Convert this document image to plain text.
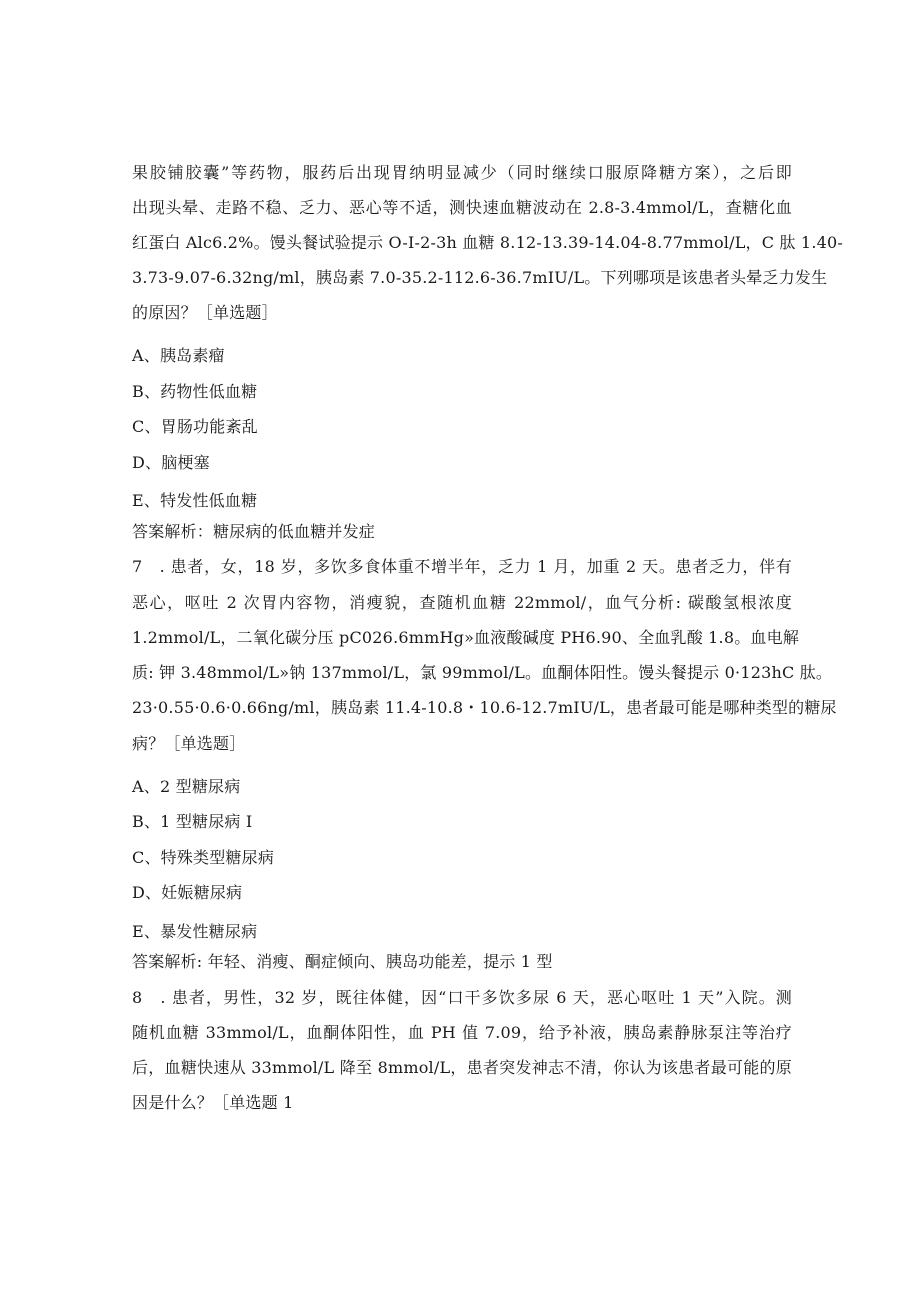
果胶铺胶囊”等药物，服药后出现胃纳明显减少（同时继续口服原降糖方案），之后即
出现头晕、走路不稳、乏力、恶心等不适，测快速血糖波动在 2.8-3.4mmol/L，查糖化血
红蛋白 Alc6.2%。馒头餐试验提示 O-I-2-3h 血糖 8.12-13.39-14.04-8.77mmol/L，C 肽 1.40-
3.73-9.07-6.32ng/ml，胰岛素 7.0-35.2-112.6-36.7mIU/L。下列哪项是该患者头晕乏力发生
的原因？［单选题］
A、胰岛素瘤
B、药物性低血糖
C、胃肠功能紊乱
D、脑梗塞
E、特发性低血糖
答案解析：糖尿病的低血糖并发症
7　. 患者，女，18 岁，多饮多食体重不增半年，乏力 1 月，加重 2 天。患者乏力，伴有
恶心，呕吐 2 次胃内容物，消瘦貌，查随机血糖 22mmol/，血气分析: 碳酸氢根浓度
1.2mmol/L，二氧化碳分压 pC026.6mmHg»血液酸碱度 PH6.90、全血乳酸 1.8。血电解
质: 钾 3.48mmol/L»钠 137mmol/L，氯 99mmol/L。血酮体阳性。馒头餐提示 0·123hC 肽。
23·0.55·0.6·0.66ng/ml，胰岛素 11.4-10.8・10.6-12.7mIU/L，患者最可能是哪种类型的糖尿
病？［单选题］
A、2 型糖尿病
B、1 型糖尿病 I
C、特殊类型糖尿病
D、妊娠糖尿病
E、暴发性糖尿病
答案解析: 年轻、消瘦、酮症倾向、胰岛功能差，提示 1 型
8　. 患者，男性，32 岁，既往体健，因“口干多饮多尿 6 天，恶心呕吐 1 天”入院。测
随机血糖 33mmol/L，血酮体阳性，血 PH 值 7.09，给予补液，胰岛素静脉泵注等治疗
后，血糖快速从 33mmol/L 降至 8mmol/L，患者突发神志不清，你认为该患者最可能的原
因是什么？［单选题 1
